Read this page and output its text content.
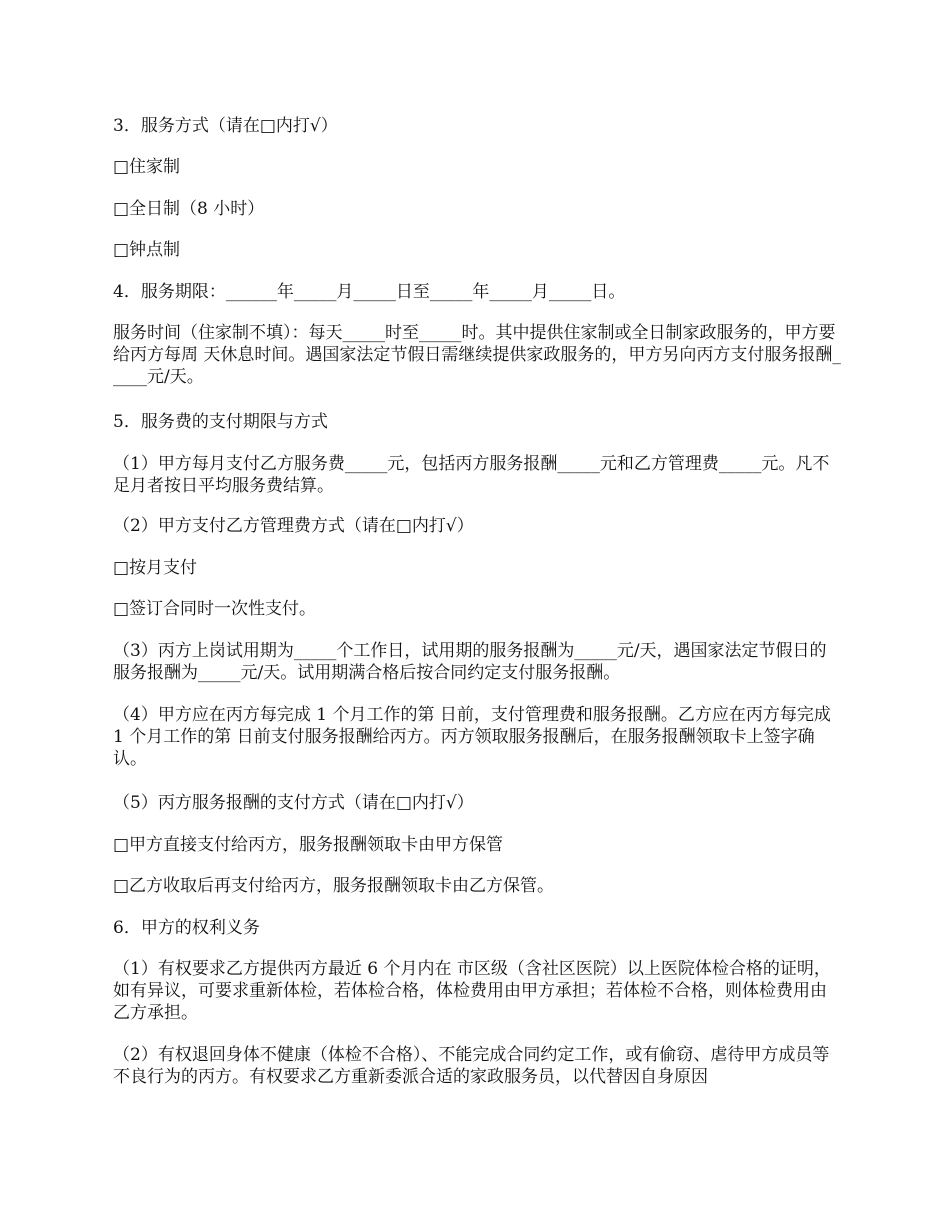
3．服务方式（请在□内打√）
□住家制
□全日制（8 小时）
□钟点制
4．服务期限：______年_____月_____日至_____年_____月_____日。
服务时间（住家制不填）：每天_____时至_____时。其中提供住家制或全日制家政服务的，甲方要给丙方每周 天休息时间。遇国家法定节假日需继续提供家政服务的，甲方另向丙方支付服务报酬_____元/天。
5．服务费的支付期限与方式
（1）甲方每月支付乙方服务费_____元，包括丙方服务报酬_____元和乙方管理费_____元。凡不足月者按日平均服务费结算。
（2）甲方支付乙方管理费方式（请在□内打√）
□按月支付
□签订合同时一次性支付。
（3）丙方上岗试用期为_____个工作日，试用期的服务报酬为_____元/天，遇国家法定节假日的服务报酬为_____元/天。试用期满合格后按合同约定支付服务报酬。
（4）甲方应在丙方每完成 1 个月工作的第 日前，支付管理费和服务报酬。乙方应在丙方每完成 1 个月工作的第 日前支付服务报酬给丙方。丙方领取服务报酬后，在服务报酬领取卡上签字确认。
（5）丙方服务报酬的支付方式（请在□内打√）
□甲方直接支付给丙方，服务报酬领取卡由甲方保管
□乙方收取后再支付给丙方，服务报酬领取卡由乙方保管。
6．甲方的权利义务
（1）有权要求乙方提供丙方最近 6 个月内在 市区级（含社区医院）以上医院体检合格的证明，如有异议，可要求重新体检，若体检合格，体检费用由甲方承担；若体检不合格，则体检费用由乙方承担。
（2）有权退回身体不健康（体检不合格）、不能完成合同约定工作，或有偷窃、虐待甲方成员等不良行为的丙方。有权要求乙方重新委派合适的家政服务员，以代替因自身原因
